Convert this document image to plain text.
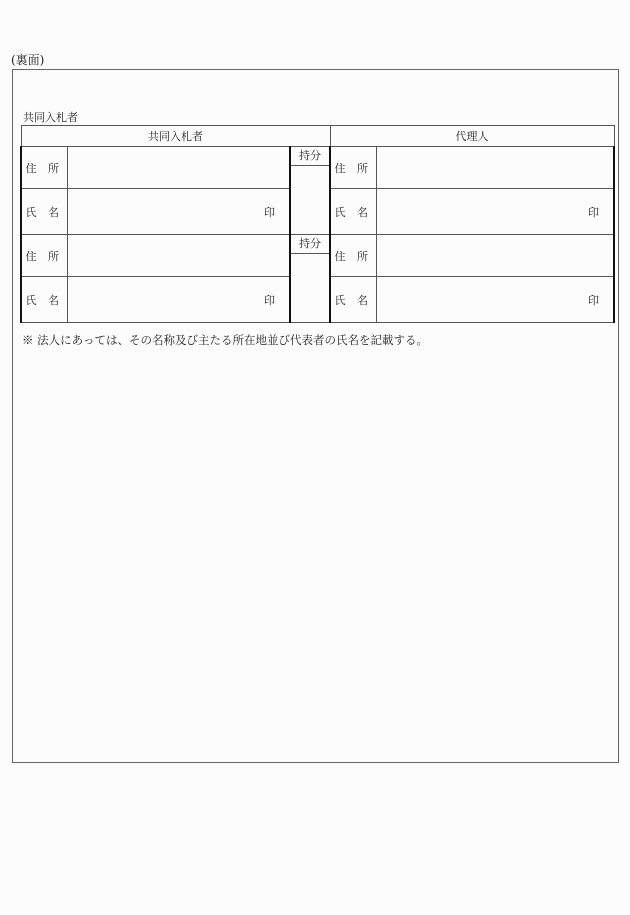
(裏面)
共同入札者
共同入札者			代理人	
住 所		持分	住 所	
氏 名	印		氏 名	印

住 所		持分	住 所	
氏 名	印		氏 名	印
※ 法人にあっては、その名称及び主たる所在地並び代表者の氏名を記載する。
